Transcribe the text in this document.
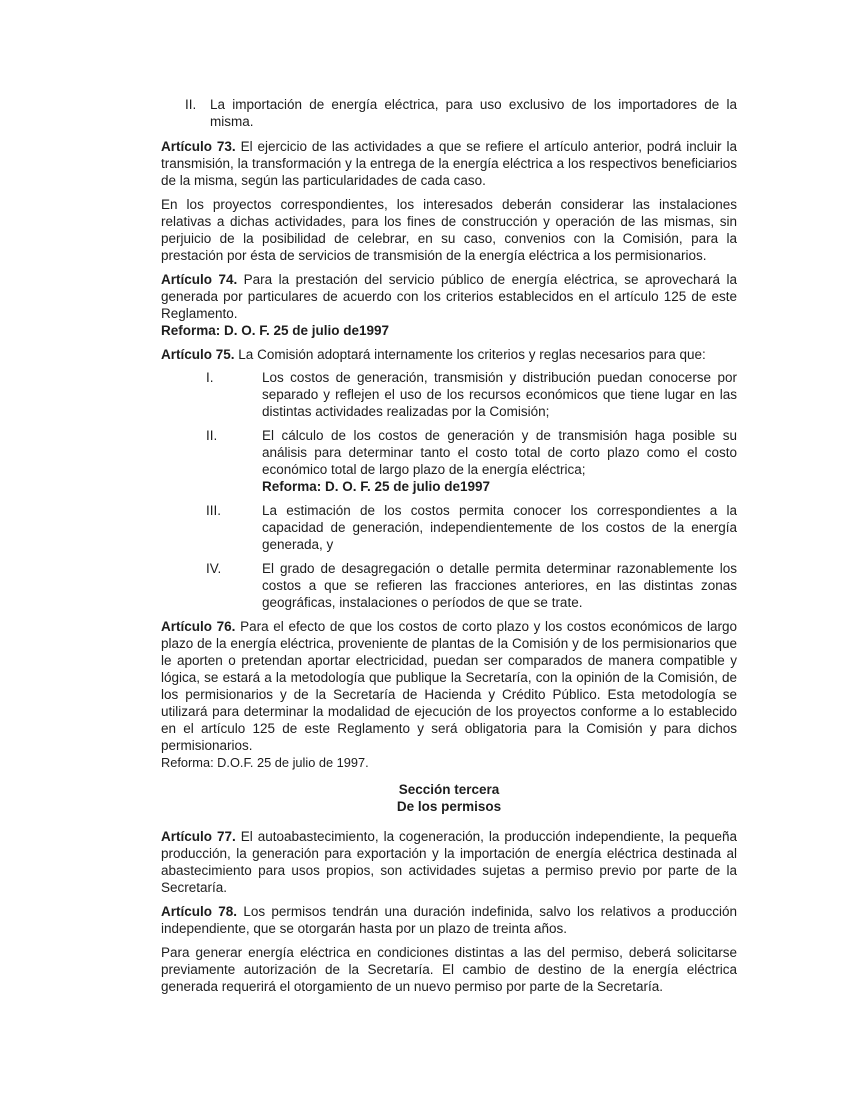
II.	La importación de energía eléctrica, para uso exclusivo de los importadores de la misma.

Artículo 73. El ejercicio de las actividades a que se refiere el artículo anterior, podrá incluir la transmisión, la transformación y la entrega de la energía eléctrica a los respectivos beneficiarios de la misma, según las particularidades de cada caso.

En los proyectos correspondientes, los interesados deberán considerar las instalaciones relativas a dichas actividades, para los fines de construcción y operación de las mismas, sin perjuicio de la posibilidad de celebrar, en su caso, convenios con la Comisión, para la prestación por ésta de servicios de transmisión de la energía eléctrica a los permisionarios.

Artículo 74. Para la prestación del servicio público de energía eléctrica, se aprovechará la generada por particulares de acuerdo con los criterios establecidos en el artículo 125 de este Reglamento.
Reforma: D. O. F. 25 de julio de1997

Artículo 75. La Comisión adoptará internamente los criterios y reglas necesarios para que:

I.	Los costos de generación, transmisión y distribución puedan conocerse por separado y reflejen el uso de los recursos económicos que tiene lugar en las distintas actividades realizadas por la Comisión;
II.	El cálculo de los costos de generación y de transmisión haga posible su análisis para determinar tanto el costo total de corto plazo como el costo económico total de largo plazo de la energía eléctrica;
Reforma: D. O. F. 25 de julio de1997
III.	La estimación de los costos permita conocer los correspondientes a la capacidad de generación, independientemente de los costos de la energía generada, y
IV.	El grado de desagregación o detalle permita determinar razonablemente los costos a que se refieren las fracciones anteriores, en las distintas zonas geográficas, instalaciones o períodos de que se trate.

Artículo 76. Para el efecto de que los costos de corto plazo y los costos económicos de largo plazo de la energía eléctrica, proveniente de plantas de la Comisión y de los permisionarios que le aporten o pretendan aportar electricidad, puedan ser comparados de manera compatible y lógica, se estará a la metodología que publique la Secretaría, con la opinión de la Comisión, de los permisionarios y de la Secretaría de Hacienda y Crédito Público. Esta metodología se utilizará para determinar la modalidad de ejecución de los proyectos conforme a lo establecido en el artículo 125 de este Reglamento y será obligatoria para la Comisión y para dichos permisionarios.
Reforma: D.O.F. 25 de julio de 1997.

Sección tercera
De los permisos

Artículo 77. El autoabastecimiento, la cogeneración, la producción independiente, la pequeña producción, la generación para exportación y la importación de energía eléctrica destinada al abastecimiento para usos propios, son actividades sujetas a permiso previo por parte de la Secretaría.

Artículo 78. Los permisos tendrán una duración indefinida, salvo los relativos a producción independiente, que se otorgarán hasta por un plazo de treinta años.

Para generar energía eléctrica en condiciones distintas a las del permiso, deberá solicitarse previamente autorización de la Secretaría. El cambio de destino de la energía eléctrica generada requerirá el otorgamiento de un nuevo permiso por parte de la Secretaría.
